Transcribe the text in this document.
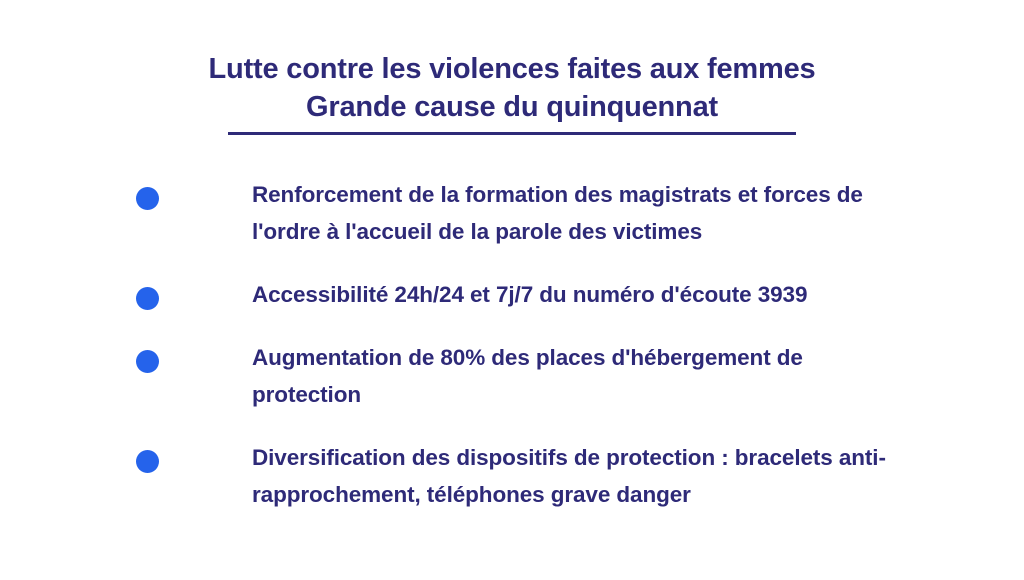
Lutte contre les violences faites aux femmes
Grande cause du quinquennat
Renforcement de la formation des magistrats et forces de l'ordre à l'accueil de la parole des victimes
Accessibilité 24h/24 et 7j/7 du numéro d'écoute 3939
Augmentation de 80% des places d'hébergement de protection
Diversification des dispositifs de protection : bracelets anti-rapprochement, téléphones grave danger
